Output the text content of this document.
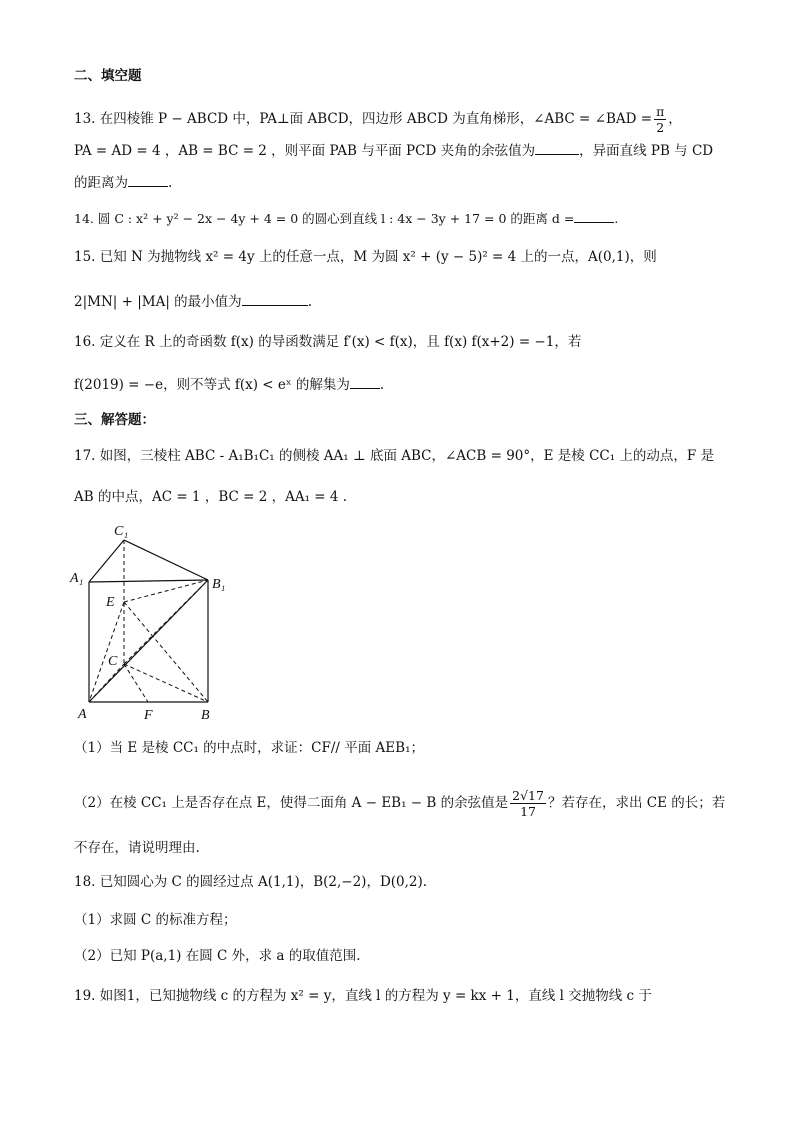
二、填空题
13. 在四棱锥 P − ABCD 中，PA⊥面 ABCD，四边形 ABCD 为直角梯形，∠ABC = ∠BAD = $\frac{\pi}{2}$ ，
PA = AD = 4 ，AB = BC = 2 ，则平面 PAB 与平面 PCD 夹角的余弦值为	，异面直线 PB 与 CD
的距离为	.
14. 圆 C : x² + y² − 2x − 4y + 4 = 0 的圆心到直线 l : 4x − 3y + 17 = 0 的距离 d =	.
15. 已知 N 为抛物线 x² = 4y 上的任意一点，M 为圆 x² + (y − 5)² = 4 上的一点，A(0,1)，则
2|MN| + |MA| 的最小值为	.
16. 定义在 R 上的奇函数 f(x) 的导函数满足 f′(x) < f(x)，且 f(x) f(x+2) = −1，若
f(2019) = −e，则不等式 f(x) < eˣ 的解集为 .
三、解答题：
17. 如图，三棱柱 ABC - A₁B₁C₁ 的侧棱 AA₁ ⊥ 底面 ABC，∠ACB = 90°，E 是棱 CC₁ 上的动点，F 是
AB 的中点，AC = 1 ，BC = 2 ，AA₁ = 4 .
C₁
A₁	B₁
E
C
A	F	B
（1）当 E 是棱 CC₁ 的中点时，求证：CF// 平面 AEB₁；
（2）在棱 CC₁ 上是否存在点 E，使得二面角 A − EB₁ − B 的余弦值是 $\frac{2√17}{17}$ ？若存在，求出 CE 的长；若
不存在，请说明理由.
18. 已知圆心为 C 的圆经过点 A(1,1)，B(2,−2)，D(0,2).
（1）求圆 C 的标准方程；
（2）已知 P(a,1) 在圆 C 外，求 a 的取值范围.
19. 如图1，已知抛物线 c 的方程为 x² = y，直线 l 的方程为 y = kx + 1，直线 l 交抛物线 c 于
